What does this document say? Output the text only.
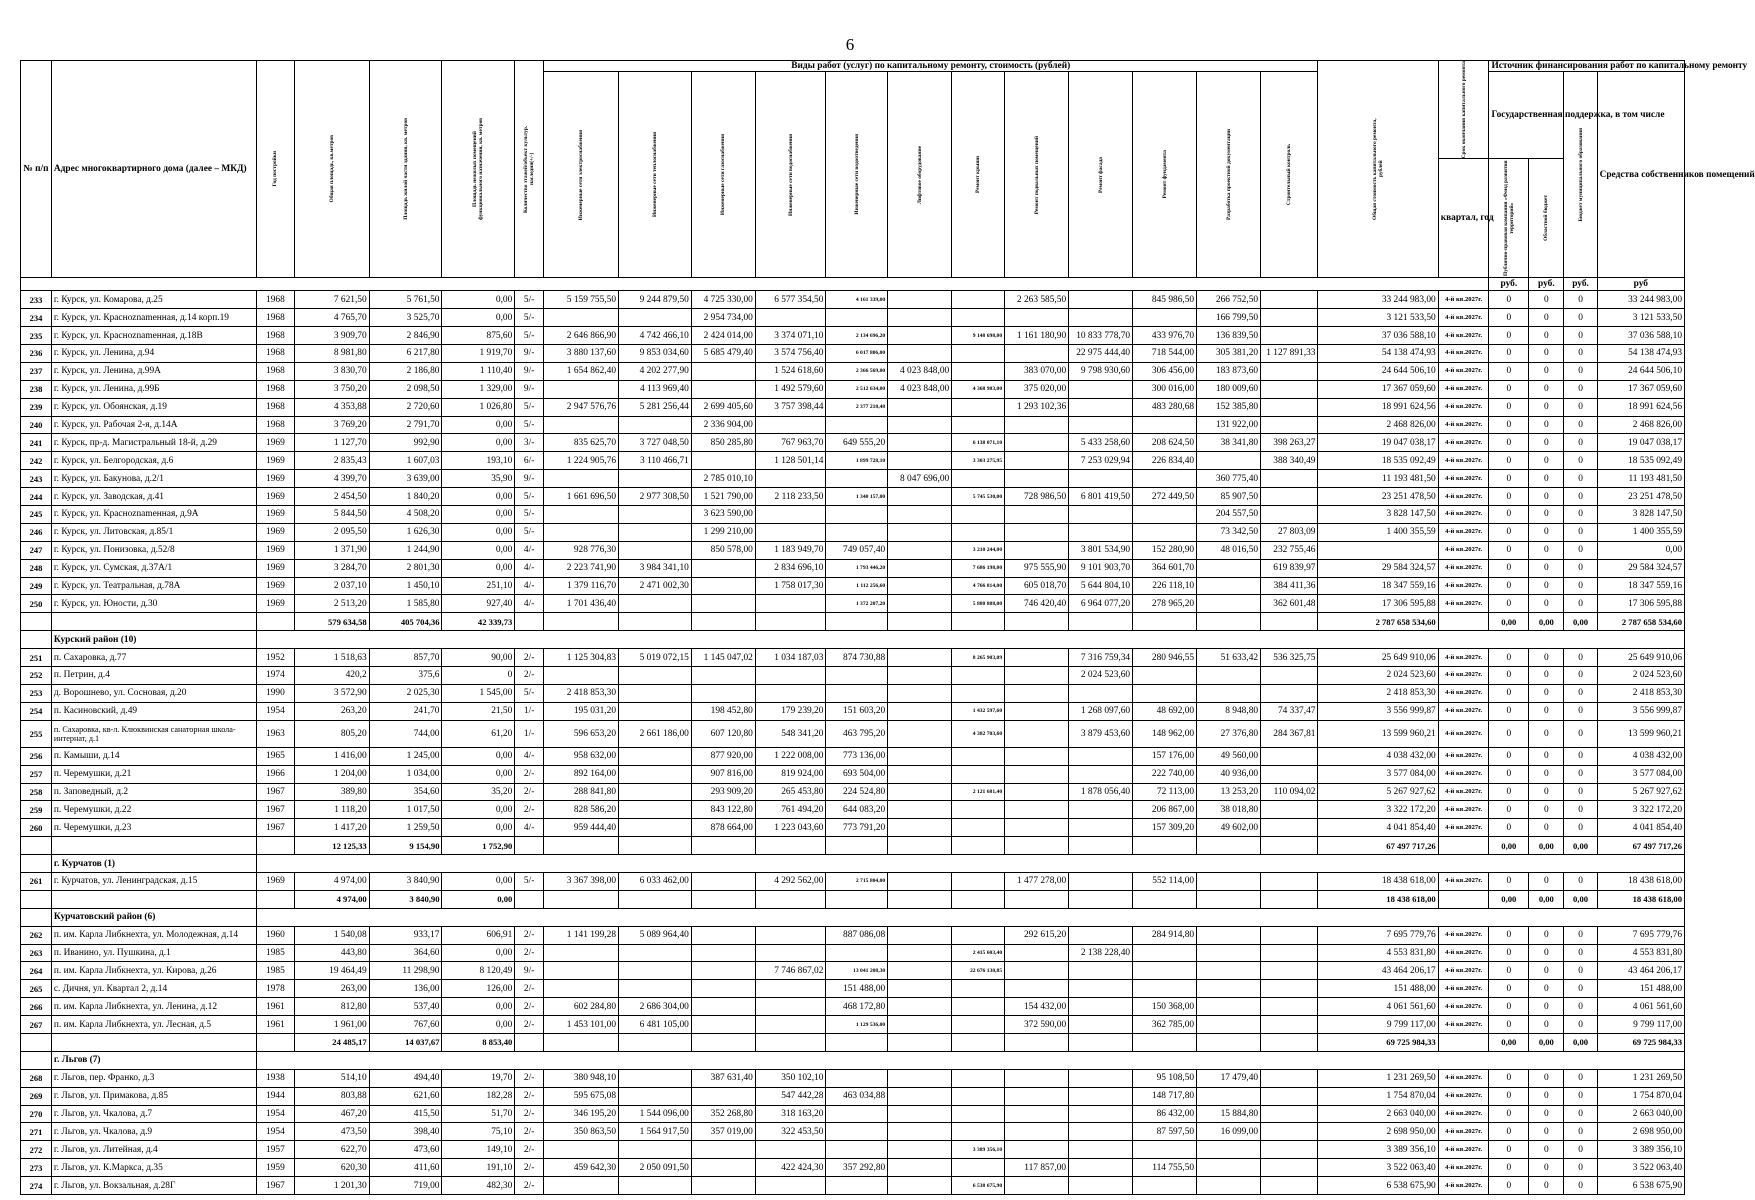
6
№ п/п	Адрес многоквартирного дома (далее – МКД)	Год постройки	Общая площадь, кв.метров	Площадь жилой части здания, кв. метров	Площадь нежилых помещений функционального назначения, кв. метров	Количество этажей/объект культур. наследия(+/-)	Виды работ (услуг) по капитальному ремонту, стоимость (рублей)												Общая стоимость капитального ремонта, рублей	Срок окончания капитального ремонта	Источник финансирования работ по капитальному ремонту			

							Инженерные сети электроснабжения	Инженерные сети теплоснабжения	Инженерные сети газоснабжения	Инженерные сети водоснабжения	Инженерные сети водоотведения	Лифтовое оборудование	Ремонт крыши	Ремонт подвальных помещений	Ремонт фасада	Ремонт фундамента	Разработка проектной документации	Строительный контроль			Государственная поддержка, в том числе		Бюджет муниципального образования	Средства собственников помещений
																				квартал, год	Публично-правовая компания «Фонд развития территорий»	Областной бюджет		

																					руб.	руб.	руб.	руб
233	г. Курск, ул. Комарова, д.25	1968	7 621,50	5 761,50	0,00	5/-	5 159 755,50	9 244 879,50	4 725 330,00	6 577 354,50	4 161 339,00			2 263 585,50		845 986,50	266 752,50		33 244 983,00	4-й кв.2027г.	0	0	0	33 244 983,00
234	г. Курск, ул. Красноznamенная, д.14 корп.19	1968	4 765,70	3 525,70	0,00	5/-			2 954 734,00								166 799,50		3 121 533,50	4-й кв.2027г.	0	0	0	3 121 533,50
235	г. Курск, ул. Красноznamенная, д.18В	1968	3 909,70	2 846,90	875,60	5/-	2 646 866,90	4 742 466,10	2 424 014,00	3 374 071,10	2 134 696,20		9 148 698,00	1 161 180,90	10 833 778,70	433 976,70	136 839,50		37 036 588,10	4-й кв.2027г.	0	0	0	37 036 588,10
236	г. Курск, ул. Ленина, д.94	1968	8 981,80	6 217,80	1 919,70	9/-	3 880 137,60	9 853 034,60	5 685 479,40	3 574 756,40	6 017 806,00				22 975 444,40	718 544,00	305 381,20	1 127 891,33	54 138 474,93	4-й кв.2027г.	0	0	0	54 138 474,93
237	г. Курск, ул. Ленина, д.99А	1968	3 830,70	2 186,80	1 110,40	9/-	1 654 862,40	4 202 277,90		1 524 618,60	2 366 569,00	4 023 848,00		383 070,00	9 798 930,60	306 456,00	183 873,60		24 644 506,10	4-й кв.2027г.	0	0	0	24 644 506,10
238	г. Курск, ул. Ленина, д.99Б	1968	3 750,20	2 098,50	1 329,00	9/-		4 113 969,40		1 492 579,60	2 512 634,00	4 023 848,00	4 368 983,00	375 020,00		300 016,00	180 009,60		17 367 059,60	4-й кв.2027г.	0	0	0	17 367 059,60
239	г. Курск, ул. Обоянская, д.19	1968	4 353,88	2 720,60	1 026,80	5/-	2 947 576,76	5 281 256,44	2 699 405,60	3 757 398,44	2 377 218,48			1 293 102,36		483 280,68	152 385,80		18 991 624,56	4-й кв.2027г.	0	0	0	18 991 624,56
240	г. Курск, ул. Рабочая 2-я, д.14А	1968	3 769,20	2 791,70	0,00	5/-			2 336 904,00								131 922,00		2 468 826,00	4-й кв.2027г.	0	0	0	2 468 826,00
241	г. Курск, пр-д. Магистральный 18-й, д.29	1969	1 127,70	992,90	0,00	3/-	835 625,70	3 727 048,50	850 285,80	767 963,70	649 555,20		6 138 071,10		5 433 258,60	208 624,50	38 341,80	398 263,27	19 047 038,17	4-й кв.2027г.	0	0	0	19 047 038,17
242	г. Курск, ул. Белгородская, д.6	1969	2 835,43	1 607,03	193,10	6/-	1 224 905,76	3 110 466,71		1 128 501,14	1 899 728,10		3 303 275,95		7 253 029,94	226 834,40		388 340,49	18 535 092,49	4-й кв.2027г.	0	0	0	18 535 092,49
243	г. Курск, ул. Бакунова, д.2/1	1969	4 399,70	3 639,00	35,90	9/-			2 785 010,10			8 047 696,00					360 775,40		11 193 481,50	4-й кв.2027г.	0	0	0	11 193 481,50
244	г. Курск, ул. Заводская, д.41	1969	2 454,50	1 840,20	0,00	5/-	1 661 696,50	2 977 308,50	1 521 790,00	2 118 233,50	1 340 157,00		5 745 530,00	728 986,50	6 801 419,50	272 449,50	85 907,50		23 251 478,50	4-й кв.2027г.	0	0	0	23 251 478,50
245	г. Курск, ул. Красноznamенная, д.9А	1969	5 844,50	4 508,20	0,00	5/-			3 623 590,00								204 557,50		3 828 147,50	4-й кв.2027г.	0	0	0	3 828 147,50
246	г. Курск, ул. Литовская, д.85/1	1969	2 095,50	1 626,30	0,00	5/-			1 299 210,00								73 342,50	27 803,09	1 400 355,59	4-й кв.2027г.	0	0	0	1 400 355,59
247	г. Курск, ул. Понизовка, д.52/8	1969	1 371,90	1 244,90	0,00	4/-	928 776,30		850 578,00	1 183 949,70	749 057,40		3 210 244,00		3 801 534,90	152 280,90	48 016,50	232 755,46		4-й кв.2027г.	0	0	0	0,00
248	г. Курск, ул. Сумская, д.37А/1	1969	3 284,70	2 801,30	0,00	4/-	2 223 741,90	3 984 341,10		2 834 696,10	1 793 446,20		7 686 198,00	975 555,90	9 101 903,70	364 601,70		619 839,97	29 584 324,57	4-й кв.2027г.	0	0	0	29 584 324,57
249	г. Курск, ул. Театральная, д.78А	1969	2 037,10	1 450,10	251,10	4/-	1 379 116,70	2 471 002,30		1 758 017,30	1 112 256,60		4 766 814,00	605 018,70	5 644 804,10	226 118,10		384 411,36	18 347 559,16	4-й кв.2027г.	0	0	0	18 347 559,16
250	г. Курск, ул. Юности, д.30	1969	2 513,20	1 585,80	927,40	4/-	1 701 436,40				1 372 207,20		5 880 888,00	746 420,40	6 964 077,20	278 965,20		362 601,48	17 306 595,88	4-й кв.2027г.	0	0	0	17 306 595,88
			579 634,58	405 704,36	42 339,73														2 787 658 534,60		0,00	0,00	0,00	2 787 658 534,60
	Курский район (10)																							
251	п. Сахаровка, д.77	1952	1 518,63	857,70	90,00	2/-	1 125 304,83	5 019 072,15	1 145 047,02	1 034 187,03	874 730,88		8 265 903,09		7 316 759,34	280 946,55	51 633,42	536 325,75	25 649 910,06	4-й кв.2027г.	0	0	0	25 649 910,06
252	п. Петрин, д.4	1974	420,2	375,6	0	2/-									2 024 523,60				2 024 523,60	4-й кв.2027г.	0	0	0	2 024 523,60
253	д. Ворошнево, ул. Сосновая, д.20	1990	3 572,90	2 025,30	1 545,00	5/-	2 418 853,30												2 418 853,30	4-й кв.2027г.	0	0	0	2 418 853,30
254	п. Касиновский, д.49	1954	263,20	241,70	21,50	1/-	195 031,20		198 452,80	179 239,20	151 603,20		1 432 597,60		1 268 097,60	48 692,00	8 948,80	74 337,47	3 556 999,87	4-й кв.2027г.	0	0	0	3 556 999,87
255	п. Сахаровка, кв-л. Клюквинская санаторная школа-интернат, д.1	1963	805,20	744,00	61,20	1/-	596 653,20	2 661 186,00	607 120,80	548 341,20	463 795,20		4 382 703,60		3 879 453,60	148 962,00	27 376,80	284 367,81	13 599 960,21	4-й кв.2027г.	0	0	0	13 599 960,21
256	п. Камыши, д.14	1965	1 416,00	1 245,00	0,00	4/-	958 632,00		877 920,00	1 222 008,00	773 136,00					157 176,00	49 560,00		4 038 432,00	4-й кв.2027г.	0	0	0	4 038 432,00
257	п. Черемушки, д.21	1966	1 204,00	1 034,00	0,00	2/-	892 164,00		907 816,00	819 924,00	693 504,00					222 740,00	40 936,00		3 577 084,00	4-й кв.2027г.	0	0	0	3 577 084,00
258	п. Заповедный, д.2	1967	389,80	354,60	35,20	2/-	288 841,80		293 909,20	265 453,80	224 524,80		2 121 681,40		1 878 056,40	72 113,00	13 253,20	110 094,02	5 267 927,62	4-й кв.2027г.	0	0	0	5 267 927,62
259	п. Черемушки, д.22	1967	1 118,20	1 017,50	0,00	2/-	828 586,20		843 122,80	761 494,20	644 083,20					206 867,00	38 018,80		3 322 172,20	4-й кв.2027г.	0	0	0	3 322 172,20
260	п. Черемушки, д.23	1967	1 417,20	1 259,50	0,00	4/-	959 444,40		878 664,00	1 223 043,60	773 791,20					157 309,20	49 602,00		4 041 854,40	4-й кв.2027г.	0	0	0	4 041 854,40
			12 125,33	9 154,90	1 752,90														67 497 717,26		0,00	0,00	0,00	67 497 717,26
	г. Курчатов (1)																							
261	г. Курчатов, ул. Ленинградская, д.15	1969	4 974,00	3 840,90	0,00	5/-	3 367 398,00	6 033 462,00		4 292 562,00	2 715 804,00			1 477 278,00		552 114,00			18 438 618,00	4-й кв.2027г.	0	0	0	18 438 618,00
			4 974,00	3 840,90	0,00														18 438 618,00		0,00	0,00	0,00	18 438 618,00
	Курчатовский район (6)																							
262	п. им. Карла Либкнехта, ул. Молодежная, д.14	1960	1 540,08	933,17	606,91	2/-	1 141 199,28	5 089 964,40			887 086,08			292 615,20		284 914,80			7 695 779,76	4-й кв.2027г.	0	0	0	7 695 779,76
263	п. Иванино, ул. Пушкина, д.1	1985	443,80	364,60	0,00	2/-							2 415 603,40		2 138 228,40				4 553 831,80	4-й кв.2027г.	0	0	0	4 553 831,80
264	п. им. Карла Либкнехта, ул. Кирова, д.26	1985	19 464,49	11 298,90	8 120,49	9/-				7 746 867,02	13 041 208,30		22 676 130,85						43 464 206,17	4-й кв.2027г.	0	0	0	43 464 206,17
265	с. Дичня, ул. Квартал 2, д.14	1978	263,00	136,00	126,00	2/-					151 488,00								151 488,00	4-й кв.2027г.	0	0	0	151 488,00
266	п. им. Карла Либкнехта, ул. Ленина, д.12	1961	812,80	537,40	0,00	2/-	602 284,80	2 686 304,00			468 172,80			154 432,00		150 368,00			4 061 561,60	4-й кв.2027г.	0	0	0	4 061 561,60
267	п. им. Карла Либкнехта, ул. Лесная, д.5	1961	1 961,00	767,60	0,00	2/-	1 453 101,00	6 481 105,00			1 129 536,00			372 590,00		362 785,00			9 799 117,00	4-й кв.2027г.	0	0	0	9 799 117,00
			24 485,17	14 037,67	8 853,40														69 725 984,33		0,00	0,00	0,00	69 725 984,33
	г. Льгов (7)																							
268	г. Льгов, пер. Франко, д.3	1938	514,10	494,40	19,70	2/-	380 948,10		387 631,40	350 102,10						95 108,50	17 479,40		1 231 269,50	4-й кв.2027г.	0	0	0	1 231 269,50
269	г. Льгов, ул. Примакова, д.85	1944	803,88	621,60	182,28	2/-	595 675,08			547 442,28	463 034,88					148 717,80			1 754 870,04	4-й кв.2027г.	0	0	0	1 754 870,04
270	г. Льгов, ул. Чкалова, д.7	1954	467,20	415,50	51,70	2/-	346 195,20	1 544 096,00	352 268,80	318 163,20						86 432,00	15 884,80		2 663 040,00	4-й кв.2027г.	0	0	0	2 663 040,00
271	г. Льгов, ул. Чкалова, д.9	1954	473,50	398,40	75,10	2/-	350 863,50	1 564 917,50	357 019,00	322 453,50						87 597,50	16 099,00		2 698 950,00	4-й кв.2027г.	0	0	0	2 698 950,00
272	г. Льгов, ул. Литейная, д.4	1957	622,70	473,60	149,10	2/-							3 389 356,10						3 389 356,10	4-й кв.2027г.	0	0	0	3 389 356,10
273	г. Льгов, ул. К.Маркса, д.35	1959	620,30	411,60	191,10	2/-	459 642,30	2 050 091,50		422 424,30	357 292,80			117 857,00		114 755,50			3 522 063,40	4-й кв.2027г.	0	0	0	3 522 063,40
274	г. Льгов, ул. Вокзальная, д.28Г	1967	1 201,30	719,00	482,30	2/-							6 538 675,90						6 538 675,90	4-й кв.2027г.	0	0	0	6 538 675,90
